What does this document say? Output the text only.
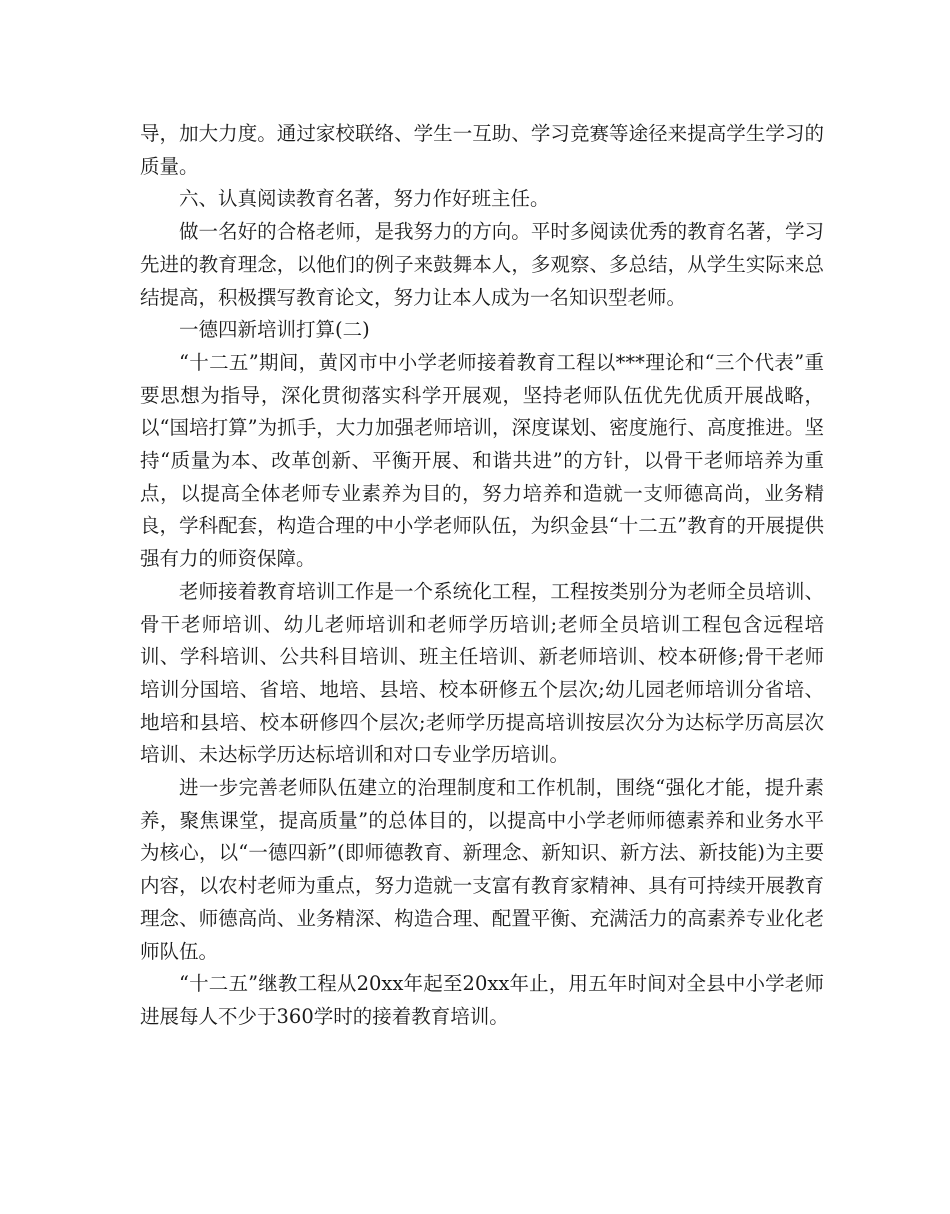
导，加大力度。通过家校联络、学生一互助、学习竞赛等途径来提高学生学习的质量。

六、认真阅读教育名著，努力作好班主任。

做一名好的合格老师，是我努力的方向。平时多阅读优秀的教育名著，学习先进的教育理念，以他们的例子来鼓舞本人，多观察、多总结，从学生实际来总结提高，积极撰写教育论文，努力让本人成为一名知识型老师。

一德四新培训打算(二)

“十二五”期间，黄冈市中小学老师接着教育工程以***理论和“三个代表”重要思想为指导，深化贯彻落实科学开展观，坚持老师队伍优先优质开展战略，以“国培打算”为抓手，大力加强老师培训，深度谋划、密度施行、高度推进。坚持“质量为本、改革创新、平衡开展、和谐共进”的方针，以骨干老师培养为重点，以提高全体老师专业素养为目的，努力培养和造就一支师德高尚，业务精良，学科配套，构造合理的中小学老师队伍，为织金县“十二五”教育的开展提供强有力的师资保障。

老师接着教育培训工作是一个系统化工程，工程按类别分为老师全员培训、骨干老师培训、幼儿老师培训和老师学历培训;老师全员培训工程包含远程培训、学科培训、公共科目培训、班主任培训、新老师培训、校本研修;骨干老师培训分国培、省培、地培、县培、校本研修五个层次;幼儿园老师培训分省培、地培和县培、校本研修四个层次;老师学历提高培训按层次分为达标学历高层次培训、未达标学历达标培训和对口专业学历培训。

进一步完善老师队伍建立的治理制度和工作机制，围绕“强化才能，提升素养，聚焦课堂，提高质量”的总体目的，以提高中小学老师师德素养和业务水平为核心，以“一德四新”(即师德教育、新理念、新知识、新方法、新技能)为主要内容，以农村老师为重点，努力造就一支富有教育家精神、具有可持续开展教育理念、师德高尚、业务精深、构造合理、配置平衡、充满活力的高素养专业化老师队伍。

“十二五”继教工程从20xx年起至20xx年止，用五年时间对全县中小学老师进展每人不少于360学时的接着教育培训。
